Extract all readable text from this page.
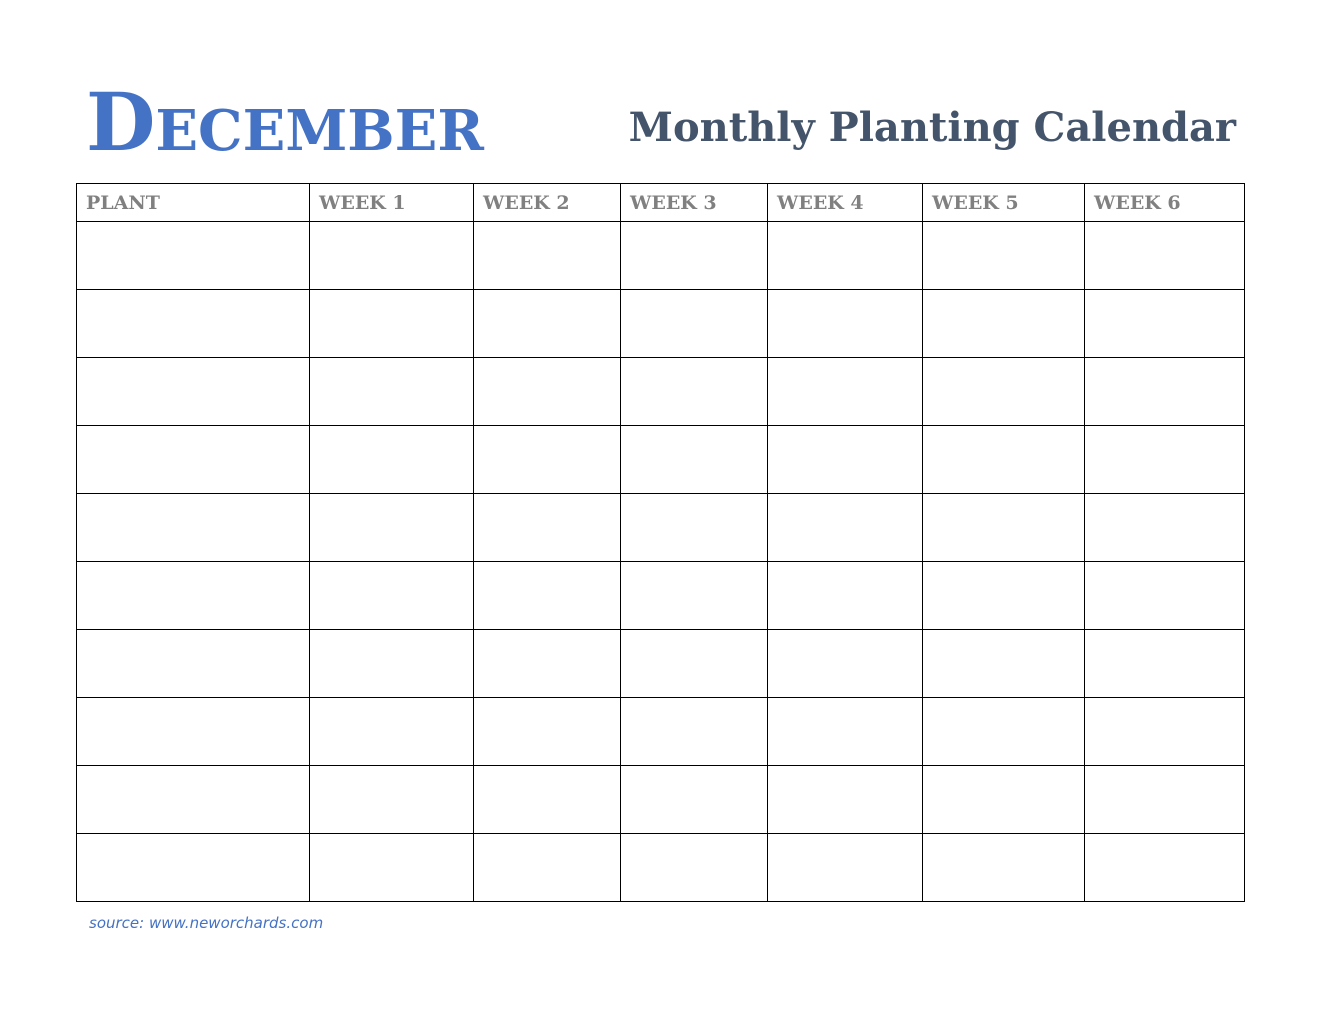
December	Monthly Planting Calendar
PLANT	WEEK 1	WEEK 2	WEEK 3	WEEK 4	WEEK 5	WEEK 6

source: www.neworchards.com
